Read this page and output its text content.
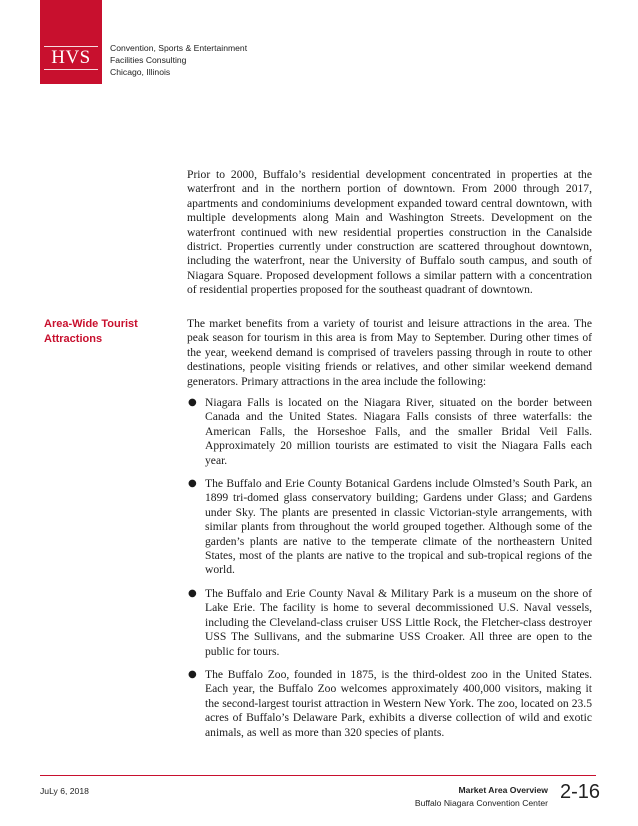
HVS	Convention, Sports & Entertainment
Facilities Consulting
Chicago, Illinois
Prior to 2000, Buffalo’s residential development concentrated in properties at the waterfront and in the northern portion of downtown. From 2000 through 2017, apartments and condominiums development expanded toward central downtown, with multiple developments along Main and Washington Streets. Development on the waterfront continued with new residential properties construction in the Canalside district. Properties currently under construction are scattered throughout downtown, including the waterfront, near the University of Buffalo south campus, and south of Niagara Square. Proposed development follows a similar pattern with a concentration of residential properties proposed for the southeast quadrant of downtown.
Area-Wide Tourist Attractions
The market benefits from a variety of tourist and leisure attractions in the area. The peak season for tourism in this area is from May to September. During other times of the year, weekend demand is comprised of travelers passing through in route to other destinations, people visiting friends or relatives, and other similar weekend demand generators. Primary attractions in the area include the following:
● Niagara Falls is located on the Niagara River, situated on the border between Canada and the United States. Niagara Falls consists of three waterfalls: the American Falls, the Horseshoe Falls, and the smaller Bridal Veil Falls. Approximately 20 million tourists are estimated to visit the Niagara Falls each year.
● The Buffalo and Erie County Botanical Gardens include Olmsted’s South Park, an 1899 tri-domed glass conservatory building; Gardens under Glass; and Gardens under Sky. The plants are presented in classic Victorian-style arrangements, with similar plants from throughout the world grouped together. Although some of the garden’s plants are native to the temperate climate of the northeastern United States, most of the plants are native to the tropical and sub-tropical regions of the world.
● The Buffalo and Erie County Naval & Military Park is a museum on the shore of Lake Erie. The facility is home to several decommissioned U.S. Naval vessels, including the Cleveland-class cruiser USS Little Rock, the Fletcher-class destroyer USS The Sullivans, and the submarine USS Croaker. All three are open to the public for tours.
● The Buffalo Zoo, founded in 1875, is the third-oldest zoo in the United States. Each year, the Buffalo Zoo welcomes approximately 400,000 visitors, making it the second-largest tourist attraction in Western New York. The zoo, located on 23.5 acres of Buffalo’s Delaware Park, exhibits a diverse collection of wild and exotic animals, as well as more than 320 species of plants.
JuLy 6, 2018	Market Area Overview
Buffalo Niagara Convention Center 2-16
